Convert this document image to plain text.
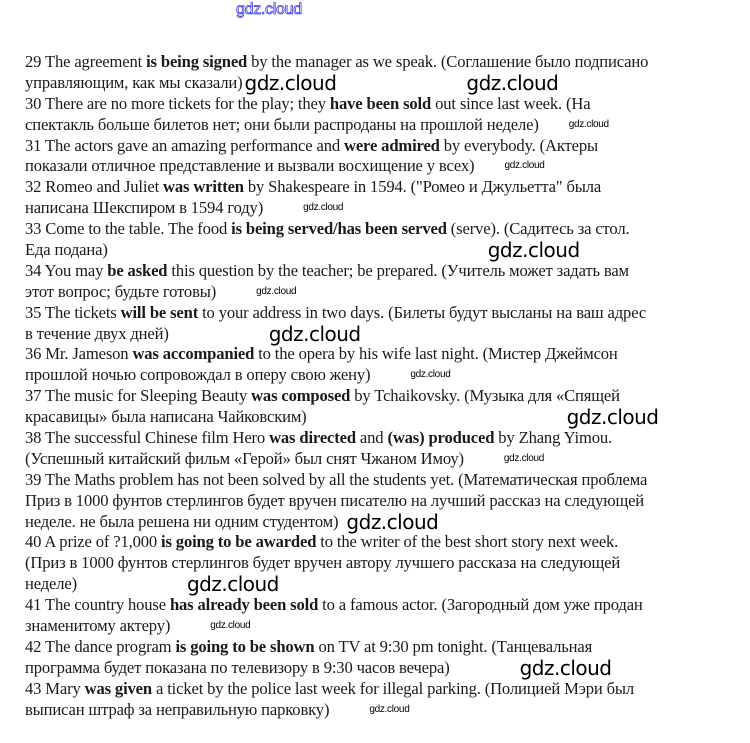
gdz.cloud
29 The agreement is being signed by the manager as we speak. (Соглашение было подписано
управляющим, как мы сказали) gdz.cloud	gdz.cloud
30 There are no more tickets for the play; they have been sold out since last week. (На
спектакль больше билетов нет; они были распроданы на прошлой неделе)	gdz.cloud
31 The actors gave an amazing performance and were admired by everybody. (Актеры
показали отличное представление и вызвали восхищение у всех)	gdz.cloud
32 Romeo and Juliet was written by Shakespeare in 1594. ("Ромео и Джульетта" была
написана Шекспиром в 1594 году)	gdz.cloud
33 Come to the table. The food is being served/has been served (serve). (Садитесь за стол.
Еда подана)	gdz.cloud
34 You may be asked this question by the teacher; be prepared. (Учитель может задать вам
этот вопрос; будьте готовы)	gdz.cloud
35 The tickets will be sent to your address in two days. (Билеты будут высланы на ваш адрес
в течение двух дней)	gdz.cloud
36 Mr. Jameson was accompanied to the opera by his wife last night. (Мистер Джеймсон
прошлой ночью сопровождал в оперу свою жену)	gdz.cloud
37 The music for Sleeping Beauty was composed by Tchaikovsky. (Музыка для «Спящей
красавицы» была написана Чайковским)	gdz.cloud
38 The successful Chinese film Hero was directed and (was) produced by Zhang Yimou.
(Успешный китайский фильм «Герой» был снят Чжаном Имоу)	gdz.cloud
39 The Maths problem has not been solved by all the students yet. (Математическая проблема
Приз в 1000 фунтов стерлингов будет вручен писателю на лучший рассказ на следующей
неделе. не была решена ни одним студентом) gdz.cloud
40 A prize of ?1,000 is going to be awarded to the writer of the best short story next week.
(Приз в 1000 фунтов стерлингов будет вручен автору лучшего рассказа на следующей
неделе)	gdz.cloud
41 The country house has already been sold to a famous actor. (Загородный дом уже продан
знаменитому актеру)	gdz.cloud
42 The dance program is going to be shown on TV at 9:30 pm tonight. (Танцевальная
программа будет показана по телевизору в 9:30 часов вечера)	gdz.cloud
43 Mary was given a ticket by the police last week for illegal parking. (Полицией Мэри был
выписан штраф за неправильную парковку)	gdz.cloud
